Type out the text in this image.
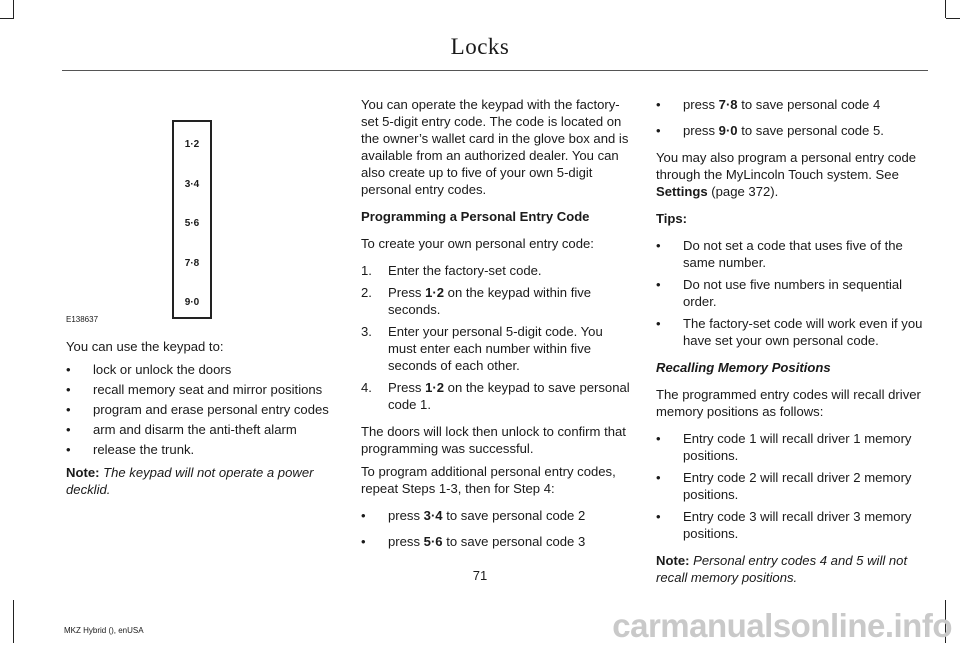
Locks
1·2
3·4
5·6
7·8
9·0
E138637

You can use the keypad to:

• lock or unlock the doors
• recall memory seat and mirror positions
• program and erase personal entry codes
• arm and disarm the anti-theft alarm
• release the trunk.

Note: The keypad will not operate a power decklid.

You can operate the keypad with the factory-set 5-digit entry code. The code is located on the owner’s wallet card in the glove box and is available from an authorized dealer. You can also create up to five of your own 5-digit personal entry codes.

Programming a Personal Entry Code

To create your own personal entry code:

1. Enter the factory-set code.
2. Press 1·2 on the keypad within five seconds.
3. Enter your personal 5-digit code. You must enter each number within five seconds of each other.
4. Press 1·2 on the keypad to save personal code 1.

The doors will lock then unlock to confirm that programming was successful.

To program additional personal entry codes, repeat Steps 1-3, then for Step 4:

• press 3·4 to save personal code 2
• press 5·6 to save personal code 3
• press 7·8 to save personal code 4
• press 9·0 to save personal code 5.

You may also program a personal entry code through the MyLincoln Touch system. See Settings (page 372).

Tips:

• Do not set a code that uses five of the same number.
• Do not use five numbers in sequential order.
• The factory-set code will work even if you have set your own personal code.

Recalling Memory Positions

The programmed entry codes will recall driver memory positions as follows:

• Entry code 1 will recall driver 1 memory positions.
• Entry code 2 will recall driver 2 memory positions.
• Entry code 3 will recall driver 3 memory positions.

Note: Personal entry codes 4 and 5 will not recall memory positions.

71
MKZ Hybrid (), enUSA	carmanualsonline.info
